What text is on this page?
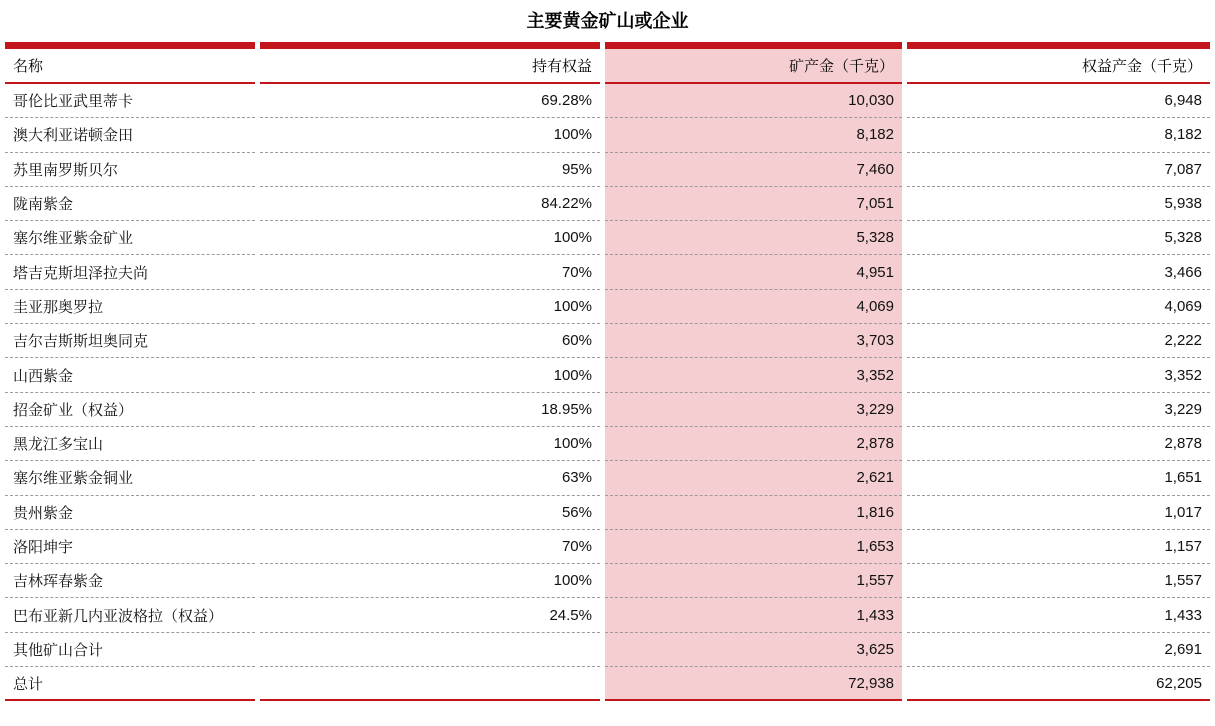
主要黄金矿山或企业
名称	持有权益	矿产金（千克）	权益产金（千克）
哥伦比亚武里蒂卡	69.28%	10,030	6,948
澳大利亚诺顿金田	100%	8,182	8,182
苏里南罗斯贝尔	95%	7,460	7,087
陇南紫金	84.22%	7,051	5,938
塞尔维亚紫金矿业	100%	5,328	5,328
塔吉克斯坦泽拉夫尚	70%	4,951	3,466
圭亚那奥罗拉	100%	4,069	4,069
吉尔吉斯斯坦奥同克	60%	3,703	2,222
山西紫金	100%	3,352	3,352
招金矿业（权益）	18.95%	3,229	3,229
黑龙江多宝山	100%	2,878	2,878
塞尔维亚紫金铜业	63%	2,621	1,651
贵州紫金	56%	1,816	1,017
洛阳坤宇	70%	1,653	1,157
吉林珲春紫金	100%	1,557	1,557
巴布亚新几内亚波格拉（权益）	24.5%	1,433	1,433
其他矿山合计		3,625	2,691
总计		72,938	62,205
